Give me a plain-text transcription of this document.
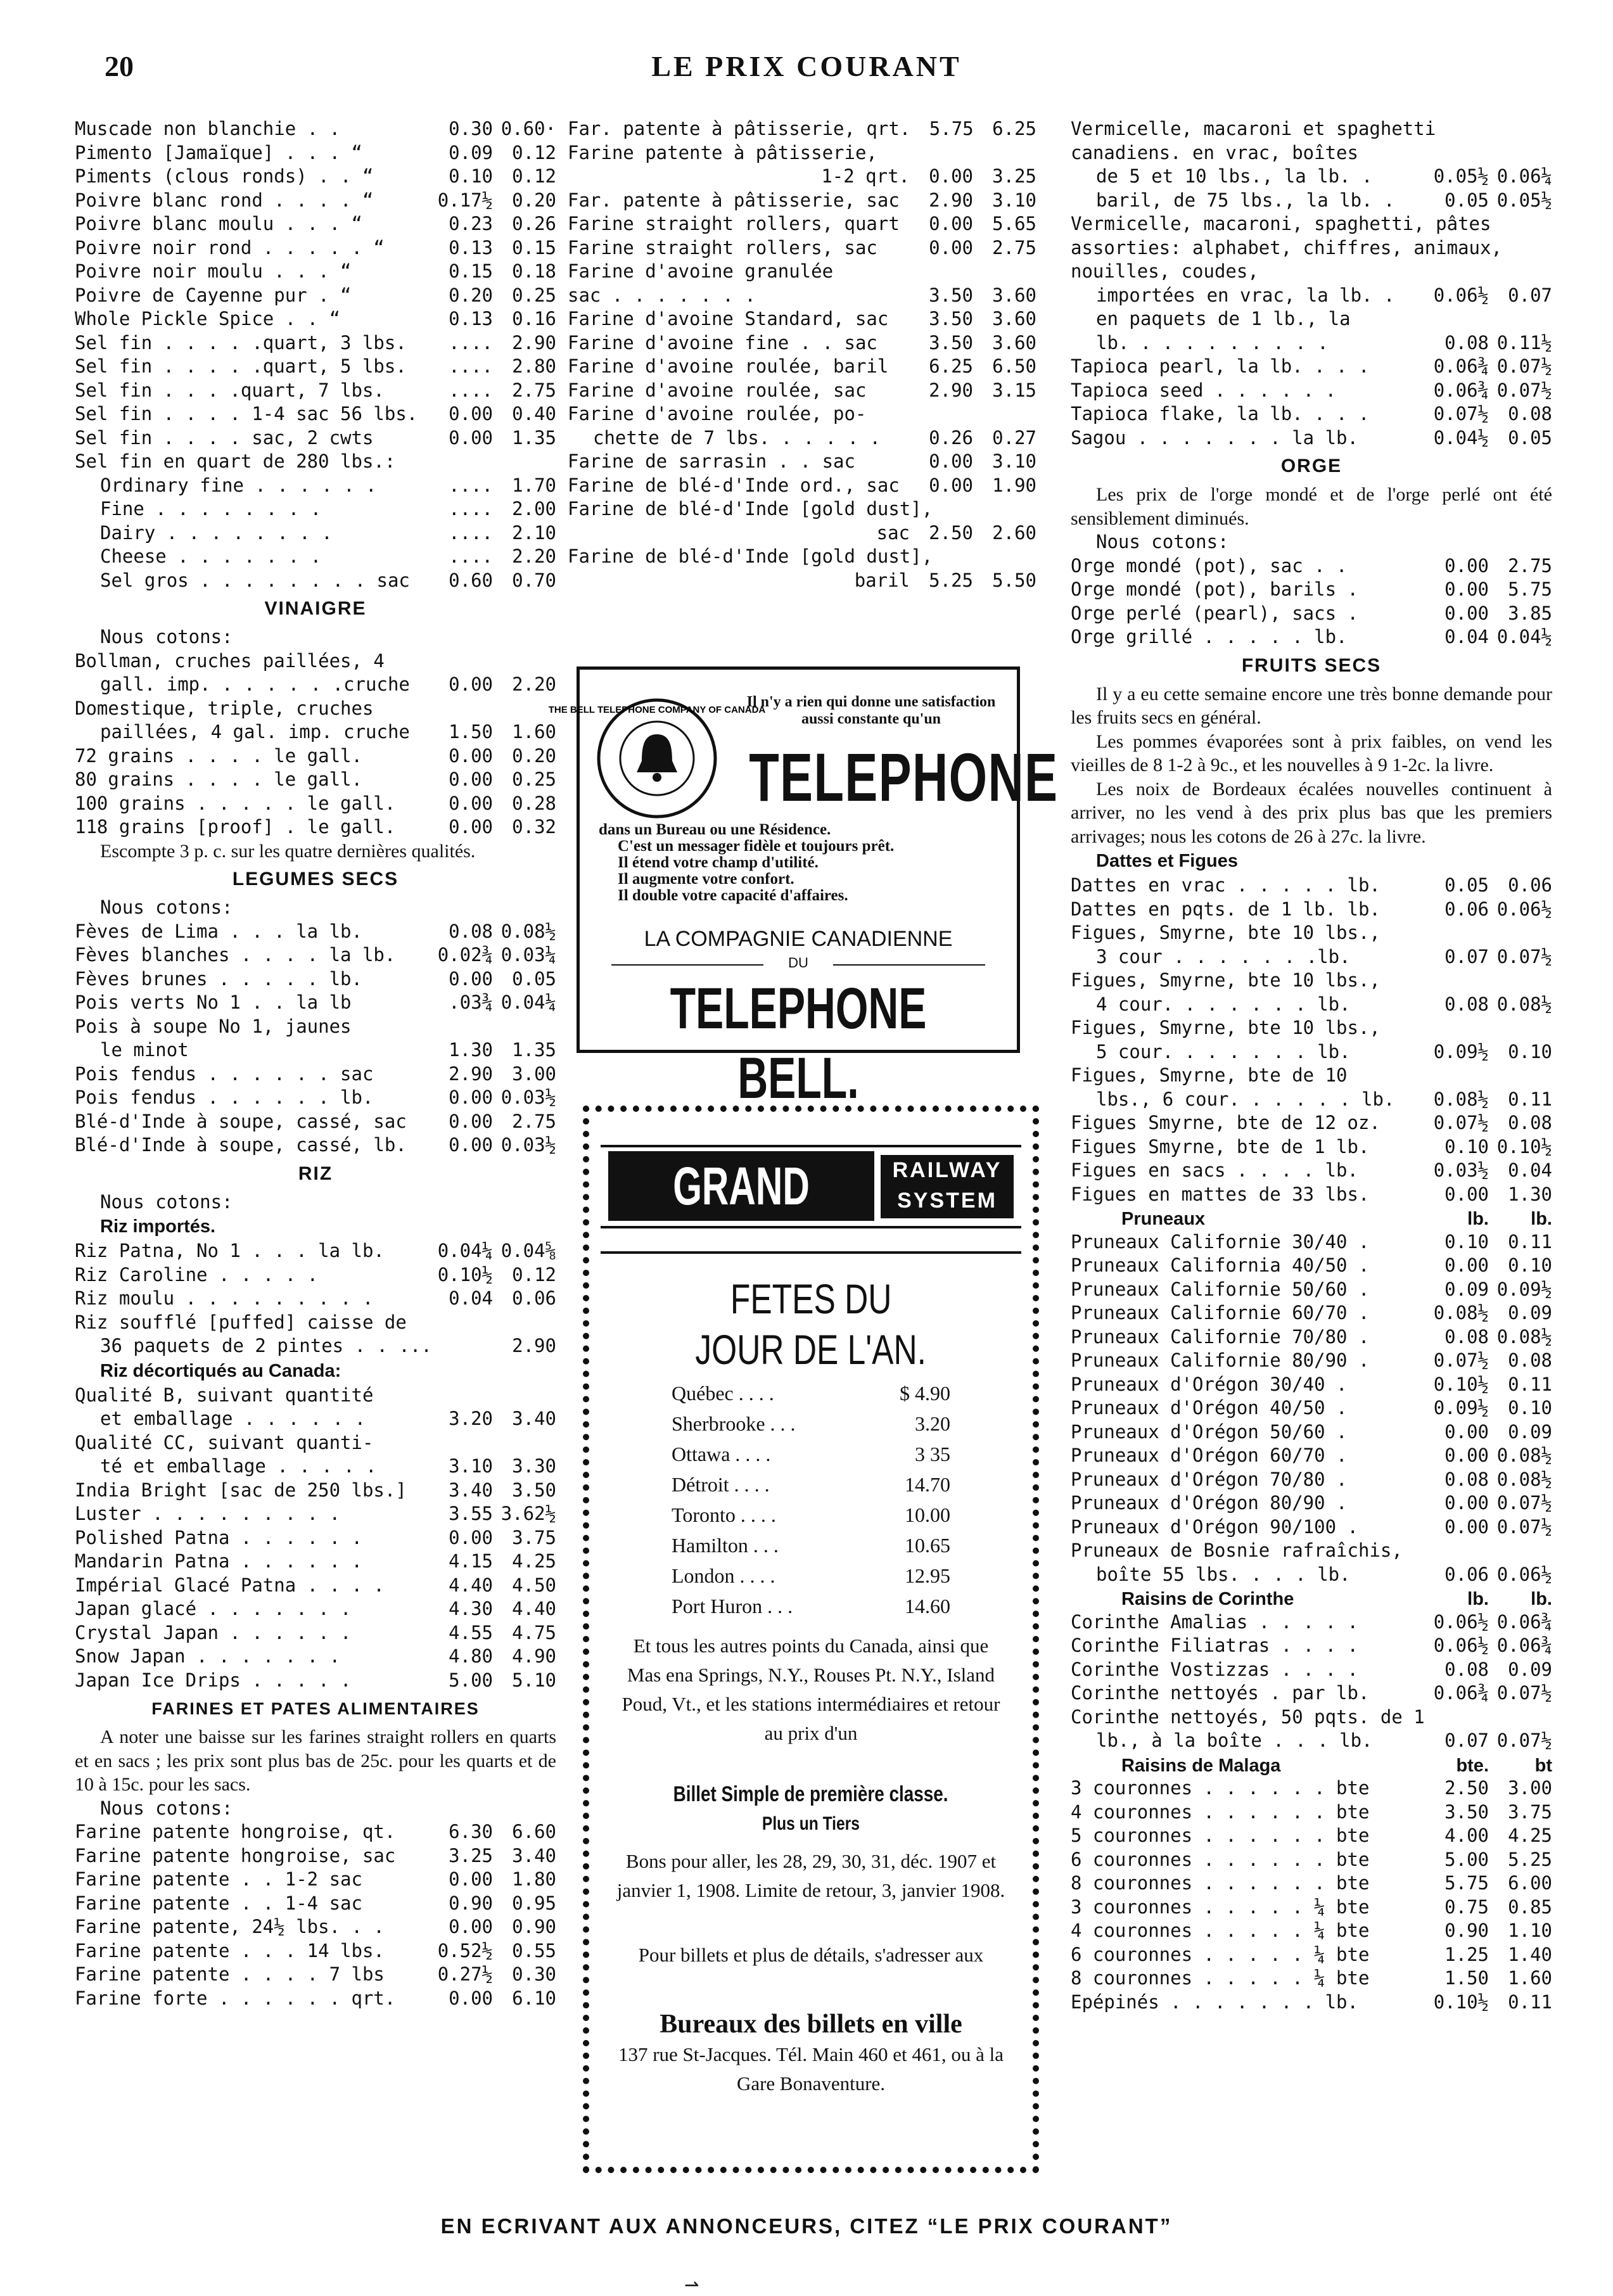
20	LE PRIX COURANT
Muscade non blanchie . .	0.30 0.60·
Pimento [Jamaïque] . . . “	0.09	0.12
Piments (clous ronds) . . “	0.10	0.12
Poivre blanc rond . . . . “	0.17½	0.20
Poivre blanc moulu . . . “	0.23	0.26
Poivre noir rond . . . . . “	0.13	0.15
Poivre noir moulu . . . “	0.15	0.18
Poivre de Cayenne pur . “	0.20	0.25
Whole Pickle Spice . . “	0.13	0.16
Sel fin . . . . .quart, 3 lbs.	....	2.90
Sel fin . . . . .quart, 5 lbs.	....	2.80
Sel fin . . . .quart, 7 lbs.	....	2.75
Sel fin . . . . 1-4 sac 56 lbs.	0.00	0.40
Sel fin . . . . sac, 2 cwts	0.00	1.35
Sel fin en quart de 280 lbs.:
Ordinary fine . . . . . .	....	1.70
Fine . . . . . . . .	....	2.00
Dairy . . . . . . . .	....	2.10
Cheese . . . . . . .	....	2.20
Sel gros . . . . . . . . sac	0.60	0.70
VINAIGRE
Nous cotons:
Bollman, cruches paillées, 4
gall. imp. . . . . . .cruche	0.00	2.20
Domestique, triple, cruches
paillées, 4 gal. imp. cruche	1.50	1.60
72 grains . . . . le gall.	0.00	0.20
80 grains . . . . le gall.	0.00	0.25
100 grains . . . . . le gall.	0.00	0.28
118 grains [proof] . le gall.	0.00	0.32
Escompte 3 p. c. sur les quatre dernières qualités.
LEGUMES SECS
Nous cotons:
Fèves de Lima . . . la lb.	0.08 0.08½
Fèves blanches . . . . la lb.	0.02¾ 0.03¼
Fèves brunes . . . . . lb.	0.00	0.05
Pois verts No 1 . . la lb	.03¾ 0.04¼
Pois à soupe No 1, jaunes
le minot	1.30	1.35
Pois fendus . . . . . . sac	2.90	3.00
Pois fendus . . . . . . lb.	0.00 0.03½
Blé-d'Inde à soupe, cassé, sac	0.00	2.75
Blé-d'Inde à soupe, cassé, lb.	0.00 0.03½
RIZ
Nous cotons:
Riz importés.
Riz Patna, No 1 . . . la lb.	0.04¼ 0.04⅝
Riz Caroline . . . . .	0.10½	0.12
Riz moulu . . . . . . . . .	0.04	0.06
Riz soufflé [puffed] caisse de
36 paquets de 2 pintes . . ...	2.90
Riz décortiqués au Canada:
Qualité B, suivant quantité
et emballage . . . . . .	3.20	3.40
Qualité CC, suivant quanti-
té et emballage . . . . .	3.10	3.30
India Bright [sac de 250 lbs.]	3.40	3.50
Luster . . . . . . . . .	3.55 3.62½
Polished Patna . . . . . .	0.00	3.75
Mandarin Patna . . . . . .	4.15	4.25
Impérial Glacé Patna . . . .	4.40	4.50
Japan glacé . . . . . . .	4.30	4.40
Crystal Japan . . . . . .	4.55	4.75
Snow Japan . . . . . . .	4.80	4.90
Japan Ice Drips . . . . .	5.00	5.10
FARINES ET PATES ALIMENTAIRES
A noter une baisse sur les farines straight rollers en quarts et en sacs ; les prix sont plus bas de 25c. pour les quarts et de 10 à 15c. pour les sacs.
Nous cotons:
Farine patente hongroise, qt.	6.30	6.60
Farine patente hongroise, sac	3.25	3.40
Farine patente . . 1-2 sac	0.00	1.80
Farine patente . . 1-4 sac	0.90	0.95
Farine patente, 24½ lbs. . .	0.00	0.90
Farine patente . . . 14 lbs.	0.52½	0.55
Farine patente . . . . 7 lbs	0.27½	0.30
Farine forte . . . . . . qrt.	0.00	6.10
Far. patente à pâtisserie, qrt.	5.75	6.25
Farine patente à pâtisserie,
1-2 qrt.	0.00	3.25
Far. patente à pâtisserie, sac	2.90	3.10
Farine straight rollers, quart	0.00	5.65
Farine straight rollers, sac	0.00	2.75
Farine d'avoine granulée
sac . . . . . . .	3.50	3.60
Farine d'avoine Standard, sac	3.50	3.60
Farine d'avoine fine . . sac	3.50	3.60
Farine d'avoine roulée, baril	6.25	6.50
Farine d'avoine roulée, sac	2.90	3.15
Farine d'avoine roulée, po-
chette de 7 lbs. . . . . .	0.26	0.27
Farine de sarrasin . . sac	0.00	3.10
Farine de blé-d'Inde ord., sac	0.00	1.90
Farine de blé-d'Inde [gold dust],
sac	2.50	2.60
Farine de blé-d'Inde [gold dust],
baril	5.25	5.50
THE BELL TELEPHONE COMPANY OF CANADA
Il n'y a rien qui donne une satisfaction aussi constante qu'un
TELEPHONE
dans un Bureau ou une Résidence.
C'est un messager fidèle et toujours prêt.
Il étend votre champ d'utilité.
Il augmente votre confort.
Il double votre capacité d'affaires.
LA COMPAGNIE CANADIENNE
DU
TELEPHONE BELL.
GRAND TRUNK
RAILWAY
SYSTEM
FETES DU
JOUR DE L'AN.
Québec . . . .	$ 4.90
Sherbrooke . . .	3.20
Ottawa . . . .	3 35
Détroit . . . .	14.70
Toronto . . . .	10.00
Hamilton . . .	10.65
London . . . .	12.95
Port Huron . . .	14.60
Et tous les autres points du Canada, ainsi que Mas ena Springs, N.Y., Rouses Pt. N.Y., Island Poud, Vt., et les stations intermédiaires et retour au prix d'un
Billet Simple de première classe.
Plus un Tiers
Bons pour aller, les 28, 29, 30, 31, déc. 1907 et janvier 1, 1908. Limite de retour, 3, janvier 1908.
Pour billets et plus de détails, s'adresser aux
Bureaux des billets en ville
137 rue St-Jacques. Tél. Main 460 et 461, ou à la Gare Bonaventure.
Vermicelle, macaroni et spaghetti canadiens. en vrac, boîtes
de 5 et 10 lbs., la lb. .	0.05½ 0.06¼
baril, de 75 lbs., la lb. .	0.05 0.05½
Vermicelle, macaroni, spaghetti, pâtes assorties: alphabet, chiffres, animaux, nouilles, coudes,
importées en vrac, la lb. .	0.06½	0.07
en paquets de 1 lb., la
lb. . . . . . . . . .	0.08 0.11½
Tapioca pearl, la lb. . . .	0.06¾ 0.07½
Tapioca seed . . . . . .	0.06¾ 0.07½
Tapioca flake, la lb. . . .	0.07½	0.08
Sagou . . . . . . . la lb.	0.04½	0.05
ORGE
Les prix de l'orge mondé et de l'orge perlé ont été sensiblement diminués.
Nous cotons:
Orge mondé (pot), sac . .	0.00	2.75
Orge mondé (pot), barils .	0.00	5.75
Orge perlé (pearl), sacs .	0.00	3.85
Orge grillé . . . . . lb.	0.04 0.04½
FRUITS SECS
Il y a eu cette semaine encore une très bonne demande pour les fruits secs en général.
Les pommes évaporées sont à prix faibles, on vend les vieilles de 8 1-2 à 9c., et les nouvelles à 9 1-2c. la livre.
Les noix de Bordeaux écalées nouvelles continuent à arriver, no les vend à des prix plus bas que les premiers arrivages; nous les cotons de 26 à 27c. la livre.
Dattes et Figues
Dattes en vrac . . . . . lb.	0.05	0.06
Dattes en pqts. de 1 lb. lb.	0.06 0.06½
Figues, Smyrne, bte 10 lbs.,
3 cour . . . . . . .lb.	0.07 0.07½
Figues, Smyrne, bte 10 lbs.,
4 cour. . . . . . . lb.	0.08 0.08½
Figues, Smyrne, bte 10 lbs.,
5 cour. . . . . . . lb.	0.09½	0.10
Figues, Smyrne, bte de 10
lbs., 6 cour. . . . . . lb.	0.08½	0.11
Figues Smyrne, bte de 12 oz.	0.07½	0.08
Figues Smyrne, bte de 1 lb.	0.10 0.10½
Figues en sacs . . . . lb.	0.03½	0.04
Figues en mattes de 33 lbs.	0.00	1.30
Pruneaux	lb.	lb.
Pruneaux Californie 30/40 .	0.10	0.11
Pruneaux California 40/50 .	0.00	0.10
Pruneaux Californie 50/60 .	0.09 0.09½
Pruneaux Californie 60/70 .	0.08½	0.09
Pruneaux Californie 70/80 .	0.08 0.08½
Pruneaux Californie 80/90 .	0.07½	0.08
Pruneaux d'Orégon 30/40 .	0.10½	0.11
Pruneaux d'Orégon 40/50 .	0.09½	0.10
Pruneaux d'Orégon 50/60 .	0.00	0.09
Pruneaux d'Orégon 60/70 .	0.00 0.08½
Pruneaux d'Orégon 70/80 .	0.08 0.08½
Pruneaux d'Orégon 80/90 .	0.00 0.07½
Pruneaux d'Orégon 90/100 .	0.00 0.07½
Pruneaux de Bosnie rafraîchis,
boîte 55 lbs. . . . lb.	0.06 0.06½
Raisins de Corinthe	lb.	lb.
Corinthe Amalias . . . . .	0.06½ 0.06¾
Corinthe Filiatras . . . .	0.06½ 0.06¾
Corinthe Vostizzas . . . .	0.08	0.09
Corinthe nettoyés . par lb.	0.06¾ 0.07½
Corinthe nettoyés, 50 pqts. de 1
lb., à la boîte . . . lb.	0.07 0.07½
Raisins de Malaga	bte.	bt
3 couronnes . . . . . . bte	2.50	3.00
4 couronnes . . . . . . bte	3.50	3.75
5 couronnes . . . . . . bte	4.00	4.25
6 couronnes . . . . . . bte	5.00	5.25
8 couronnes . . . . . . bte	5.75	6.00
3 couronnes . . . . . ¼ bte	0.75	0.85
4 couronnes . . . . . ¼ bte	0.90	1.10
6 couronnes . . . . . ¼ bte	1.25	1.40
8 couronnes . . . . . ¼ bte	1.50	1.60
Epépinés . . . . . . . lb.	0.10½	0.11
EN ECRIVANT AUX ANNONCEURS, CITEZ “LE PRIX COURANT”
⇀
